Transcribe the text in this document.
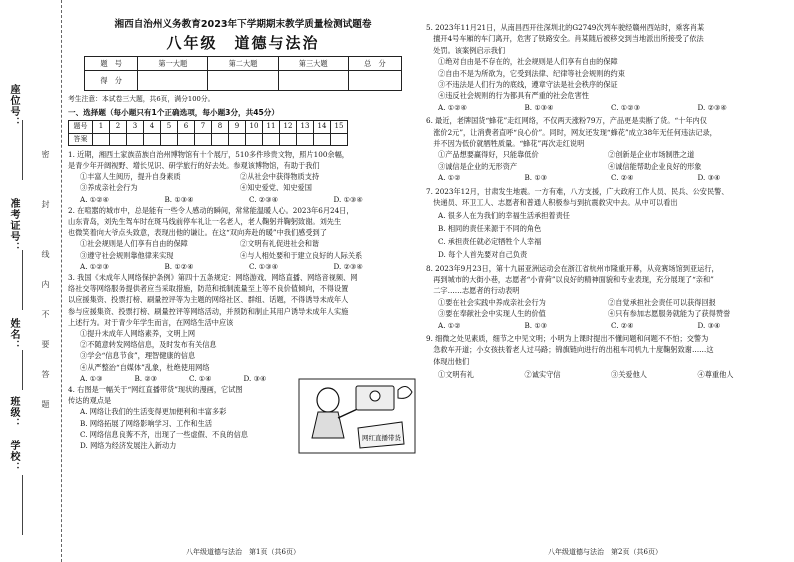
座位号：
准考证号：
姓名：
班级：
学校：
密
封
线
内
不
要
答
题
湘西自治州义务教育2023年下学期期末教学质量检测试题卷
八年级　道德与法治
题　号	第一大题	第二大题	第三大题	总　分
得　分				
考生注意：本试卷三大题，共6页，满分100分。
一、选择题（每小题只有1个正确选项，每小题3分，共45分）
题号	1	2	3	4	5	6	7	8	9	10	11	12	13	14	15
答案															
1. 近期，湘西土家族苗族自治州博物馆有十个展厅，510多件珍贵文物，照片100余幅，
是青少年开阔视野、增长见识、研学旅行的好去处。参观该博物馆，有助于我们
①丰富人生阅历，提升自身素质	②从社会中获得物质支持
③养成亲社会行为	④知史爱党、知史爱国
A. ①②④	B. ①③④	C. ②③④	D. ①③④
2. 在喧嚣的城市中，总是能有一些令人感动的瞬间，常常能温暖人心。2023年6月24日，
山东青岛，刘先生驾车时在斑马线前停车礼让一名老人，老人鞠躬并鞠躬致谢。刘先生
也微笑着向大爷点头致意，表现出他的谦让。在这“双向奔赴的暖”中我们感受到了
①社会规则是人们享有自由的保障	②文明有礼促进社会和谐
③遵守社会规则靠他律来实现	④与人相处要和于建立良好的人际关系
A. ①②③	B. ①②④	C. ①③④	D. ②③④
3. 我国《未成年人网络保护条例》第四十五条规定：网络游戏、网络直播、网络音视频、网
络社交等网络服务提供者应当采取措施，防范和抵制流量至上等不良价值倾向，不得设置
以应援集资、投票打榜、刷量控评等为主题的网络社区、群组、话题，不得诱导未成年人
参与应援集资、投票打榜、刷量控评等网络活动，并预防和制止其用户诱导未成年人实施
上述行为。对于青少年学生而言，在网络生活中应该
①提升未成年人网络素养，文明上网
②不随意转发网络信息，及时发布有关信息
③学会“信息节食”，理智健康的信息
④从严整治“自媒体”乱象，杜绝使用网络
A. ①③	B. ②③	C. ①④	D. ③④
4. 右图是一幅关于“网红直播带货”现状的漫画，它试图
传达的观点是
A. 网络让我们的生活变得更加便利和丰富多彩
B. 网络拓展了网络影响学习、工作和生活
C. 网络信息良莠不齐，出现了一些虚假、不良的信息
D. 网络为经济发展注入新动力
网红直播带货
八年级道德与法治　第1页（共6页）
5. 2023年11月21日，从南昌西开往深圳北的G2749次列车驶经赣州西站时，乘客肖某
　擅开4号车厢的车门离开，危害了铁路安全。肖某随后被移交到当地派出所接受了依法
　处罚。该案例启示我们
①绝对自由是不存在的，社会规则是人们享有自由的保障
②自由不是为所欲为，它受到法律、纪律等社会规则的约束
③不违法是人们行为的底线，遵章守法是社会秩序的保证
④违反社会规则的行为都具有严重的社会危害性
A. ①②④	B. ①③④	C. ①②③	D. ②③④
6. 最近，老牌国货“蜂花”走红网络，不仅两天涨粉79万，产品更是卖断了货。“十年内仅
　涨价2元”，让消费者直呼“良心价”。同时，网友还发现“蜂花”成立38年无任何违法记录，
　并不因为低价就牺牲质量。“蜂花”再次走红说明
①产品想要赢得好，只能靠低价	②创新是企业市场制胜之道
③诚信是企业的无形资产	④诚信能帮助企业良好的形象
A. ①②	B. ①③	C. ②④	D. ③④
7. 2023年12月，甘肃发生地震。一方有难，八方支援，广大政府工作人员、民兵、公安民警、
　快递员、环卫工人、志愿者和普通人积极参与到抗震救灾中去。从中可以看出
A. 很多人在为我们的幸福生活承担着责任
B. 相同的责任来源于不同的角色
C. 承担责任就必定牺牲个人幸福
D. 每个人首先要对自己负责
8. 2023年9月23日，第十九届亚洲运动会在浙江省杭州市隆重开幕，从竞赛场馆到亚运行，
　再到城市的大街小巷，志愿者“小青荷”以良好的精神面貌和专业表现，充分展现了“亲和”
　二字……志愿者的行动表明
①要在社会实践中养成亲社会行为	②自觉承担社会责任可以获得回报
③要在奉献社会中实现人生的价值	④只有参加志愿服务就能为了获得赞誉
A. ①②	B. ①③	C. ②④	D. ③④
9. 细微之处见素质，细节之中见文明；小明为上课时提出不懂问题和问题不不怕；交警为
　急救车开道；小女孩扶着老人过马路；锦旗链向进行的出租车司机九十度鞠躬致谢……这
　体现出他们
①文明有礼	②诚实守信	③关爱他人	④尊重他人
八年级道德与法治　第2页（共6页）
